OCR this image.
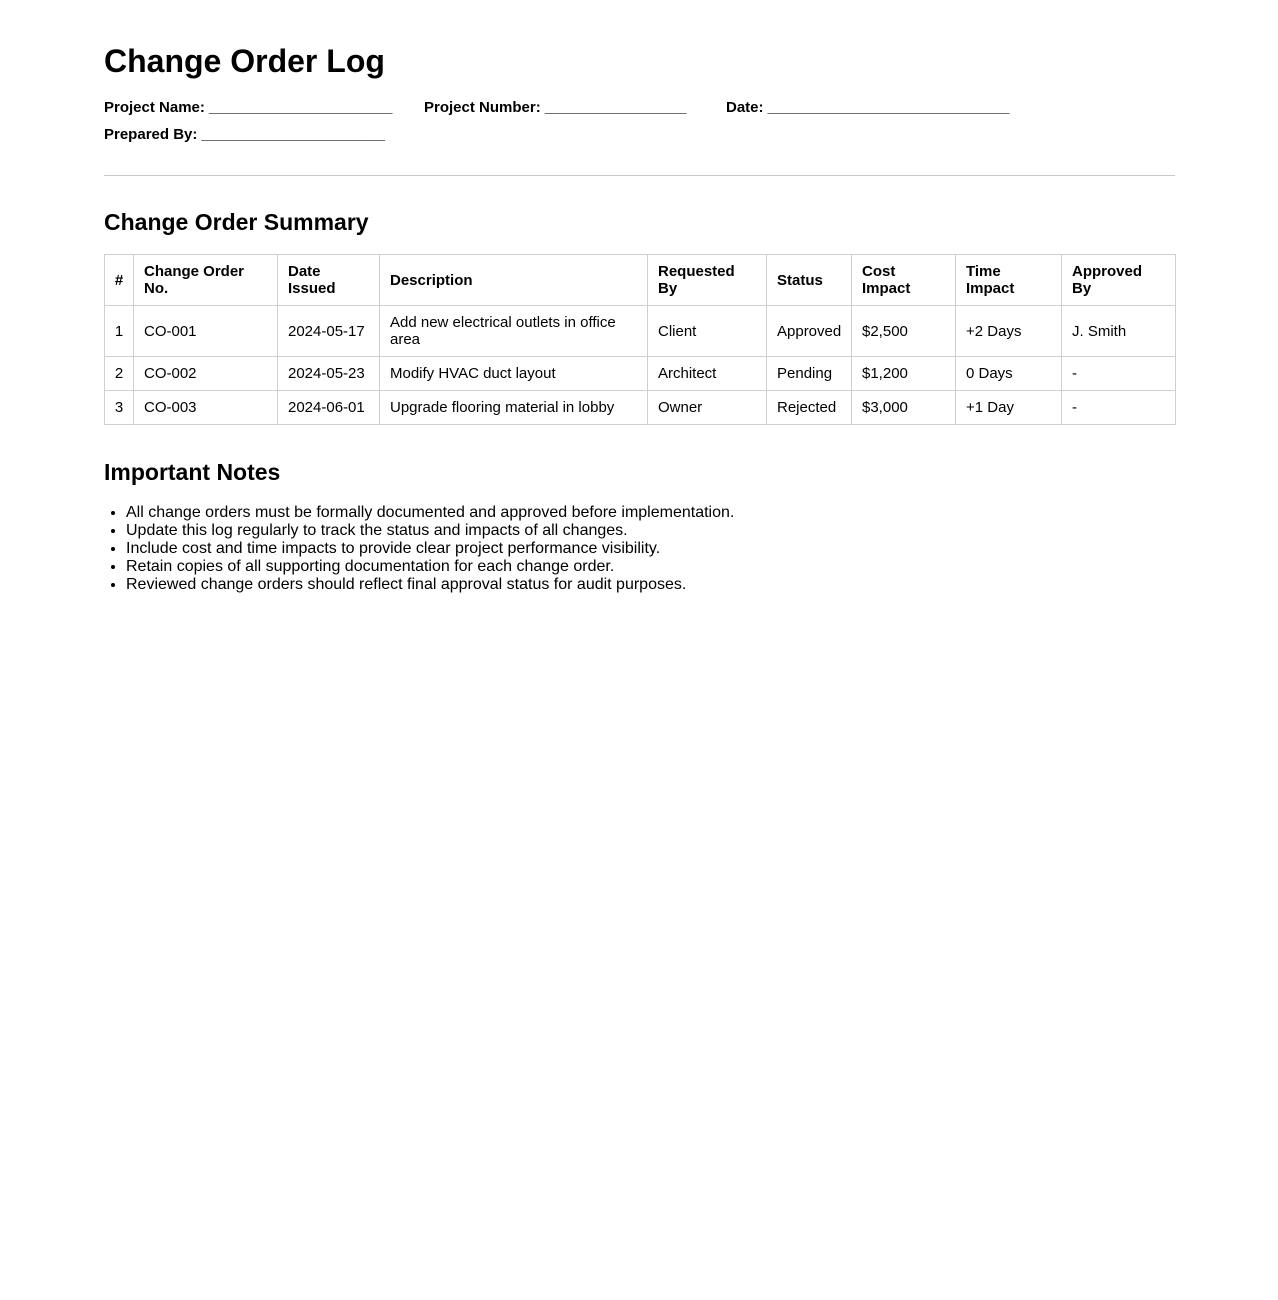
Change Order Log
Project Name: ______________________ Project Number: _________________	Date: _____________________________
Prepared By: ______________________
Change Order Summary
#	Change Order No.	Date Issued	Description	Requested By	Status	Cost Impact	Time Impact	Approved By
1	CO-001	2024-05-17	Add new electrical outlets in office area	Client	Approved	$2,500	+2 Days	J. Smith
2	CO-002	2024-05-23	Modify HVAC duct layout	Architect	Pending	$1,200	0 Days	-
3	CO-003	2024-06-01	Upgrade flooring material in lobby	Owner	Rejected	$3,000	+1 Day	-
Important Notes
• All change orders must be formally documented and approved before implementation.
• Update this log regularly to track the status and impacts of all changes.
• Include cost and time impacts to provide clear project performance visibility.
• Retain copies of all supporting documentation for each change order.
• Reviewed change orders should reflect final approval status for audit purposes.
